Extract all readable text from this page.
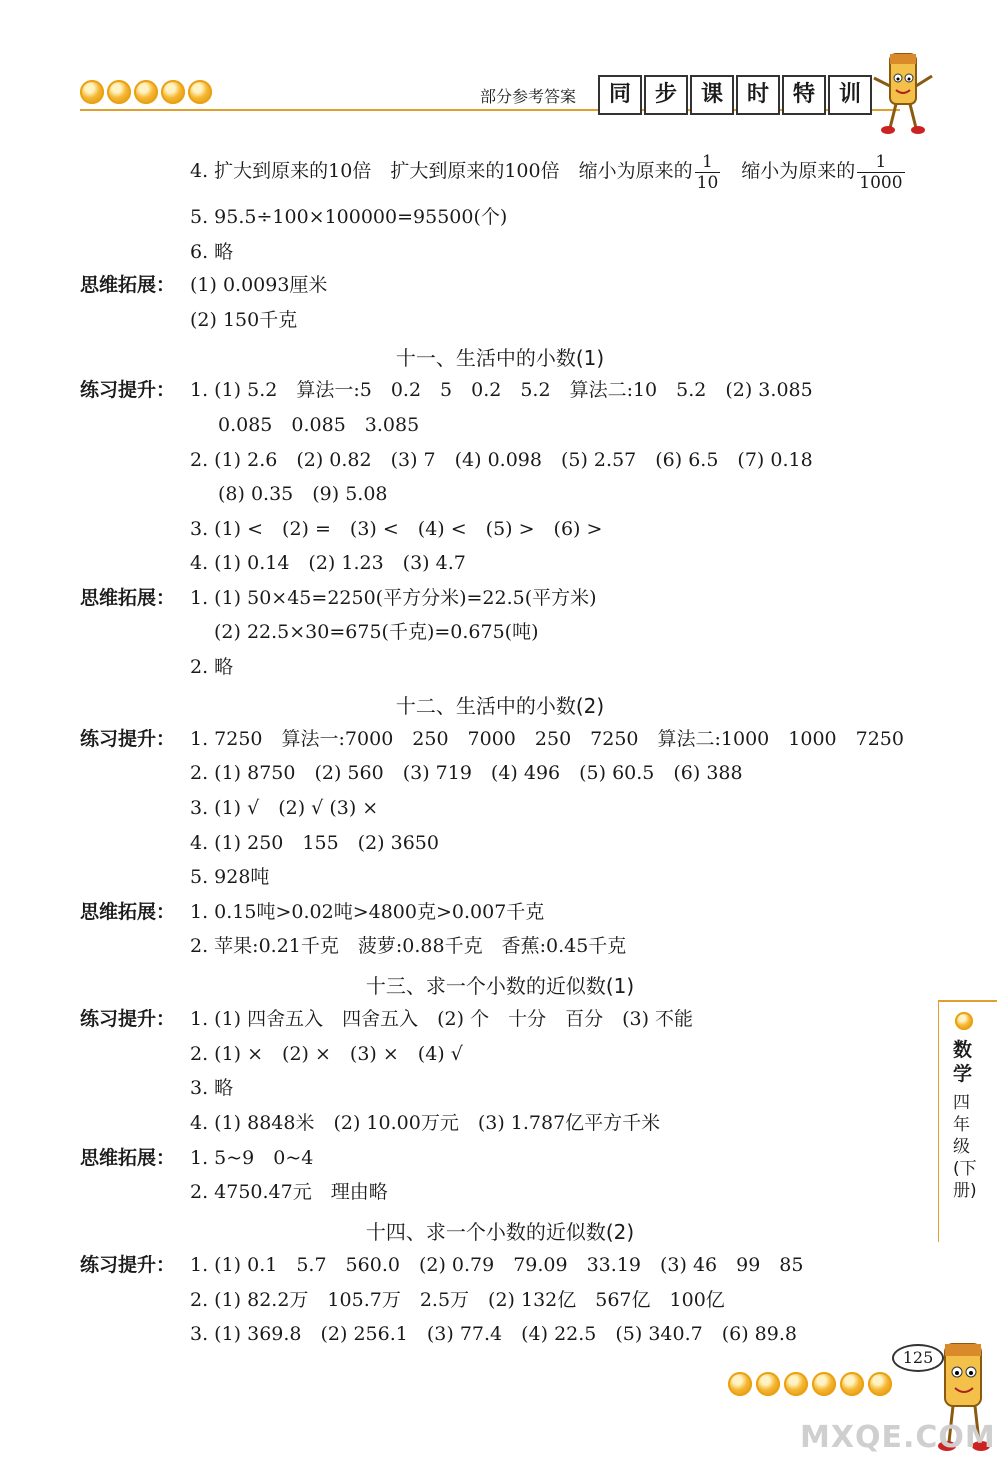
部分参考答案	同	步	课	时	特	训
4. 扩大到原来的10倍　扩大到原来的100倍　缩小为原来的 $\frac{1}{10}$ 　缩小为原来的 $\frac{1}{1000}$
5. 95.5÷100×100000=95500(个)
6. 略
思维拓展： (1) 0.0093厘米
(2) 150千克
十一、生活中的小数(1)
练习提升： 1. (1) 5.2　算法一:5　0.2　5　0.2　5.2　算法二:10　5.2　(2) 3.085
0.085　0.085　3.085
2. (1) 2.6　(2) 0.82　(3) 7　(4) 0.098　(5) 2.57　(6) 6.5　(7) 0.18
(8) 0.35　(9) 5.08
3. (1) <　(2) =　(3) <　(4) <　(5) >　(6) >
4. (1) 0.14　(2) 1.23　(3) 4.7
思维拓展： 1. (1) 50×45=2250(平方分米)=22.5(平方米)
(2) 22.5×30=675(千克)=0.675(吨)
2. 略
十二、生活中的小数(2)
练习提升： 1. 7250　算法一:7000　250　7000　250　7250　算法二:1000　1000　7250
2. (1) 8750　(2) 560　(3) 719　(4) 496　(5) 60.5　(6) 388
3. (1) √　(2) √ (3) ×
4. (1) 250　155　(2) 3650
5. 928吨
思维拓展： 1. 0.15吨>0.02吨>4800克>0.007千克
2. 苹果:0.21千克　菠萝:0.88千克　香蕉:0.45千克
十三、求一个小数的近似数(1)
练习提升： 1. (1) 四舍五入　四舍五入　(2) 个　十分　百分　(3) 不能
2. (1) ×　(2) ×　(3) ×　(4) √
3. 略
4. (1) 8848米　(2) 10.00万元　(3) 1.787亿平方千米
思维拓展： 1. 5~9　0~4
2. 4750.47元　理由略
十四、求一个小数的近似数(2)
练习提升： 1. (1) 0.1　5.7　560.0　(2) 0.79　79.09　33.19　(3) 46　99　85
2. (1) 82.2万　105.7万　2.5万　(2) 132亿　567亿　100亿
3. (1) 369.8　(2) 256.1　(3) 77.4　(4) 22.5　(5) 340.7　(6) 89.8
数学
四年级(下册)
125
MXQE.COM
